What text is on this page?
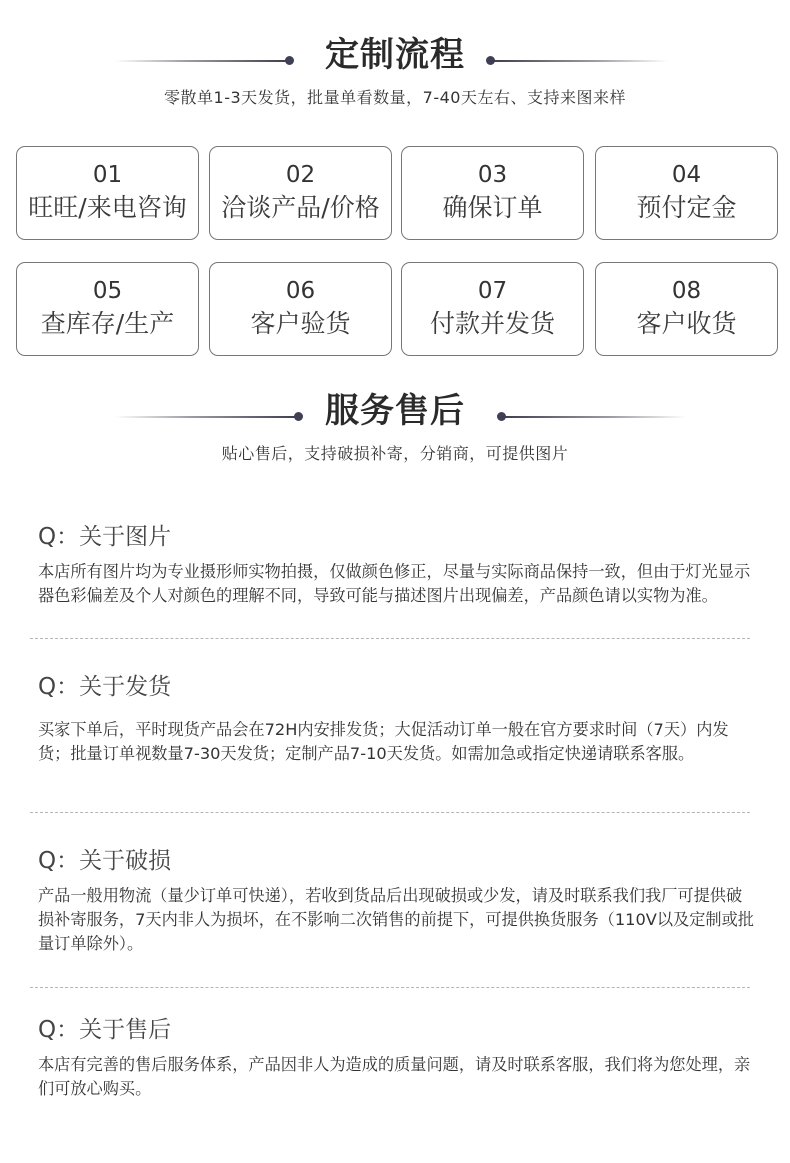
定制流程
零散单1-3天发货，批量单看数量，7-40天左右、支持来图来样
01
旺旺/来电咨询
02
洽谈产品/价格
03
确保订单
04
预付定金
05
查库存/生产
06
客户验货
07
付款并发货
08
客户收货
服务售后
贴心售后，支持破损补寄，分销商，可提供图片
Q：关于图片
本店所有图片均为专业摄形师实物拍摄，仅做颜色修正，尽量与实际商品保持一致，但由于灯光显示器色彩偏差及个人对颜色的理解不同，导致可能与描述图片出现偏差，产品颜色请以实物为准。
Q：关于发货
买家下单后，平时现货产品会在72H内安排发货；大促活动订单一般在官方要求时间（7天）内发货；批量订单视数量7-30天发货；定制产品7-10天发货。如需加急或指定快递请联系客服。
Q：关于破损
产品一般用物流（量少订单可快递），若收到货品后出现破损或少发，请及时联系我们我厂可提供破损补寄服务，7天内非人为损坏，在不影响二次销售的前提下，可提供换货服务（110V以及定制或批量订单除外）。
Q：关于售后
本店有完善的售后服务体系，产品因非人为造成的质量问题，请及时联系客服，我们将为您处理，亲们可放心购买。
